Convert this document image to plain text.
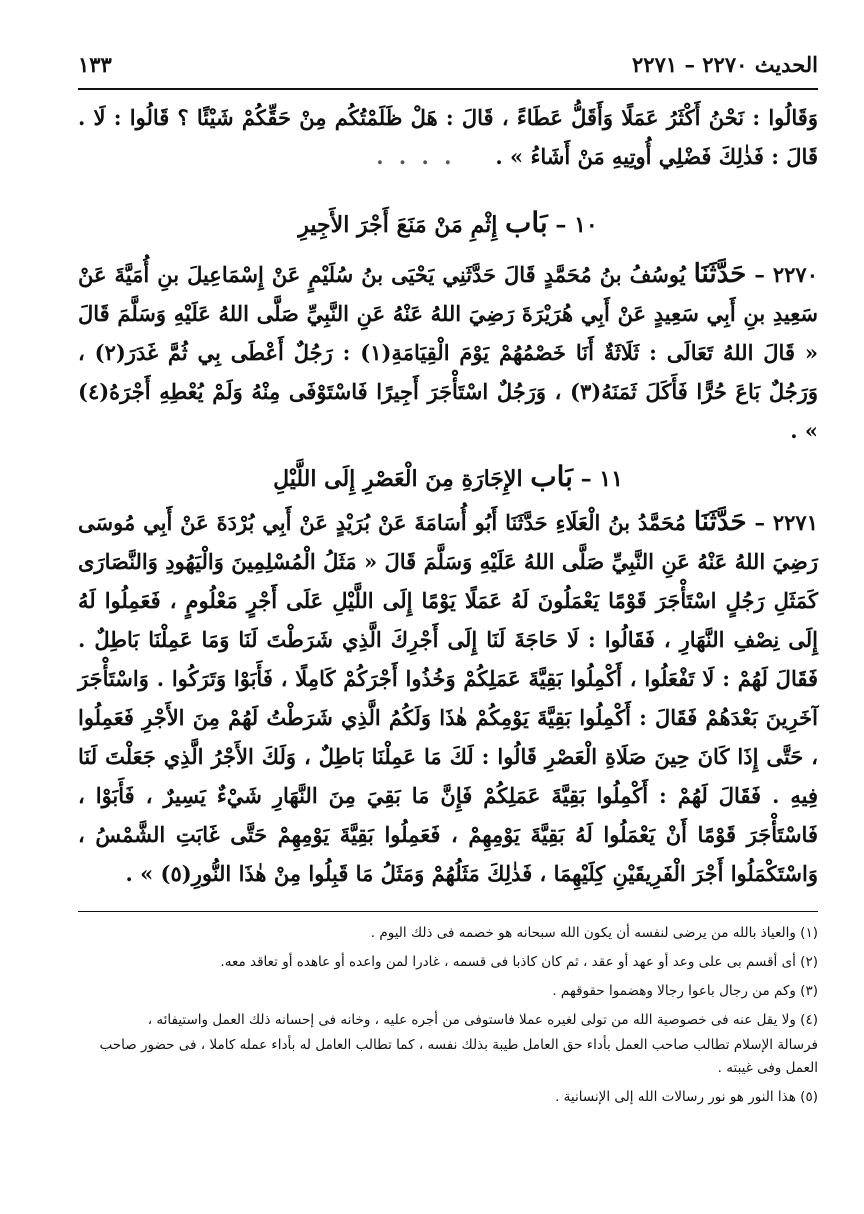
الحديث ٢٢٧٠ – ٢٢٧١
١٣٣

وَقَالُوا : نَحْنُ أَكْثَرُ عَمَلًا وَأَقَلُّ عَطَاءً ، قَالَ : هَلْ ظَلَمْتُكُم مِنْ حَقِّكُمْ شَيْئًا ؟ قَالُوا : لَا . قَالَ : فَذٰلِكَ فَضْلِي أُوتِيهِ مَنْ أَشَاءُ » .. . . .

١٠ – بَاب إِثْمِ مَنْ مَنَعَ أَجْرَ الأَجِيرِ

٢٢٧٠ – حَدَّثَنَا يُوسُفُ بنُ مُحَمَّدٍ قَالَ حَدَّثَنِي يَحْيَى بنُ سُلَيْمٍ عَنْ إِسْمَاعِيلَ بنِ أُمَيَّةَ عَنْ سَعِيدِ بنِ أَبِي سَعِيدٍ عَنْ أَبِي هُرَيْرَةَ رَضِيَ اللهُ عَنْهُ عَنِ النَّبِيِّ صَلَّى اللهُ عَلَيْهِ وَسَلَّمَ قَالَ « قَالَ اللهُ تَعَالَى : ثَلَاثَةٌ أَنَا خَصْمُهُمْ يَوْمَ الْقِيَامَةِ(١) : رَجُلٌ أَعْطَى بِي ثُمَّ غَدَرَ(٢) ، وَرَجُلٌ بَاعَ حُرًّا فَأَكَلَ ثَمَنَهُ(٣) ، وَرَجُلٌ اسْتَأْجَرَ أَجِيرًا فَاسْتَوْفَى مِنْهُ وَلَمْ يُعْطِهِ أَجْرَهُ(٤) » .

١١ – بَاب الإِجَارَةِ مِنَ الْعَصْرِ إِلَى اللَّيْلِ

٢٢٧١ – حَدَّثَنَا مُحَمَّدُ بنُ الْعَلَاءِ حَدَّثَنَا أَبُو أُسَامَةَ عَنْ بُرَيْدٍ عَنْ أَبِي بُرْدَةَ عَنْ أَبِي مُوسَى رَضِيَ اللهُ عَنْهُ عَنِ النَّبِيِّ صَلَّى اللهُ عَلَيْهِ وَسَلَّمَ قَالَ « مَثَلُ الْمُسْلِمِينَ وَالْيَهُودِ وَالنَّصَارَى كَمَثَلِ رَجُلٍ اسْتَأْجَرَ قَوْمًا يَعْمَلُونَ لَهُ عَمَلًا يَوْمًا إِلَى اللَّيْلِ عَلَى أَجْرٍ مَعْلُومٍ ، فَعَمِلُوا لَهُ إِلَى نِصْفِ النَّهَارِ ، فَقَالُوا : لَا حَاجَةَ لَنَا إِلَى أَجْرِكَ الَّذِي شَرَطْتَ لَنَا وَمَا عَمِلْنَا بَاطِلٌ . فَقَالَ لَهُمْ : لَا تَفْعَلُوا ، أَكْمِلُوا بَقِيَّةَ عَمَلِكُمْ وَخُذُوا أَجْرَكُمْ كَامِلًا ، فَأَبَوْا وَتَرَكُوا . وَاسْتَأْجَرَ آخَرِينَ بَعْدَهُمْ فَقَالَ : أَكْمِلُوا بَقِيَّةَ يَوْمِكُمْ هٰذَا وَلَكُمُ الَّذِي شَرَطْتُ لَهُمْ مِنَ الأَجْرِ فَعَمِلُوا ، حَتَّى إِذَا كَانَ حِينَ صَلَاةِ الْعَصْرِ قَالُوا : لَكَ مَا عَمِلْنَا بَاطِلٌ ، وَلَكَ الأَجْرُ الَّذِي جَعَلْتَ لَنَا فِيهِ . فَقَالَ لَهُمْ : أَكْمِلُوا بَقِيَّةَ عَمَلِكُمْ فَإِنَّ مَا بَقِيَ مِنَ النَّهَارِ شَيْءٌ يَسِيرٌ ، فَأَبَوْا ، فَاسْتَأْجَرَ قَوْمًا أَنْ يَعْمَلُوا لَهُ بَقِيَّةَ يَوْمِهِمْ ، فَعَمِلُوا بَقِيَّةَ يَوْمِهِمْ حَتَّى غَابَتِ الشَّمْسُ ، وَاسْتَكْمَلُوا أَجْرَ الْفَرِيقَيْنِ كِلَيْهِمَا ، فَذٰلِكَ مَثَلُهُمْ وَمَثَلُ مَا قَبِلُوا مِنْ هٰذَا النُّورِ(٥) » .

(١) والعياذ بالله من يرضى لنفسه أن يكون الله سبحانه هو خصمه فى ذلك اليوم .

(٢) أى أقسم بى على وعد أو عهد أو عقد ، ثم كان كاذبا فى قسمه ، غادرا لمن واعده أو عاهده أو تعاقد معه.

(٣) وكم من رجال باعوا رجالا وهضموا حقوقهم .

(٤) ولا يقل عنه فى خصوصية الله من تولى لغيره عملا فاستوفى من أجره عليه ، وخانه فى إحسانه ذلك العمل واستيفائه ،

فرسالة الإسلام تطالب صاحب العمل بأداء حق العامل طيبة بذلك نفسه ، كما تطالب العامل له بأداء عمله كاملا ، فى حضور صاحب العمل وفى غيبته .

(٥) هذا النور هو نور رسالات الله إلى الإنسانية .
